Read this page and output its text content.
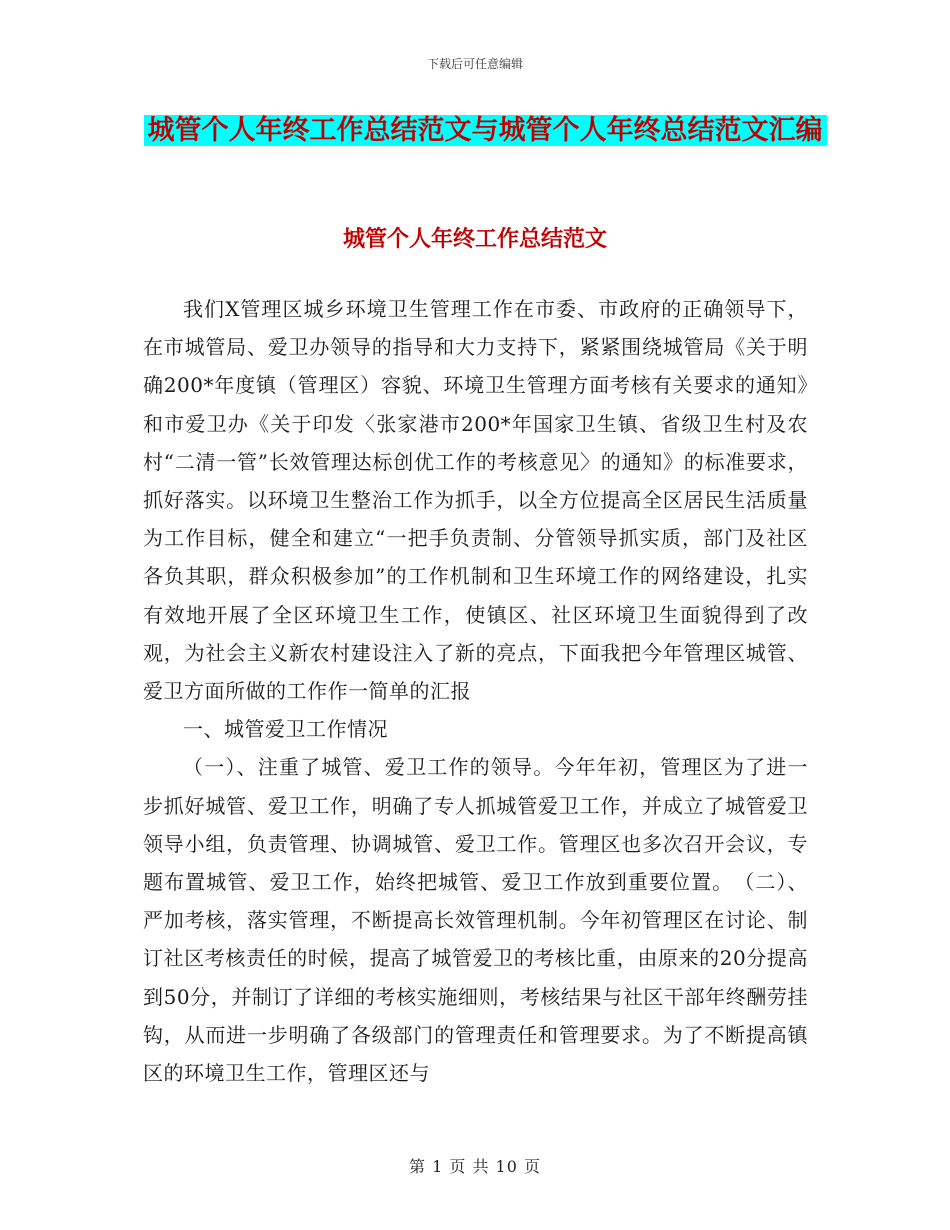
下载后可任意编辑
城管个人年终工作总结范文与城管个人年终总结范文汇编
城管个人年终工作总结范文

我们X管理区城乡环境卫生管理工作在市委、市政府的正确领导下，在市城管局、爱卫办领导的指导和大力支持下，紧紧围绕城管局《关于明确200*年度镇（管理区）容貌、环境卫生管理方面考核有关要求的通知》和市爱卫办《关于印发〈张家港市200*年国家卫生镇、省级卫生村及农村“二清一管”长效管理达标创优工作的考核意见〉的通知》的标准要求，抓好落实。以环境卫生整治工作为抓手，以全方位提高全区居民生活质量为工作目标，健全和建立“一把手负责制、分管领导抓实质，部门及社区各负其职，群众积极参加”的工作机制和卫生环境工作的网络建设，扎实有效地开展了全区环境卫生工作，使镇区、社区环境卫生面貌得到了改观，为社会主义新农村建设注入了新的亮点，下面我把今年管理区城管、爱卫方面所做的工作作一简单的汇报

一、城管爱卫工作情况

（一）、注重了城管、爱卫工作的领导。今年年初，管理区为了进一步抓好城管、爱卫工作，明确了专人抓城管爱卫工作，并成立了城管爱卫领导小组，负责管理、协调城管、爱卫工作。管理区也多次召开会议，专题布置城管、爱卫工作，始终把城管、爱卫工作放到重要位置。　（二）、严加考核，落实管理，不断提高长效管理机制。今年初管理区在讨论、制订社区考核责任的时候，提高了城管爱卫的考核比重，由原来的20分提高到50分，并制订了详细的考核实施细则，考核结果与社区干部年终酬劳挂钩，从而进一步明确了各级部门的管理责任和管理要求。为了不断提高镇区的环境卫生工作，管理区还与

第 1 页 共 10 页
